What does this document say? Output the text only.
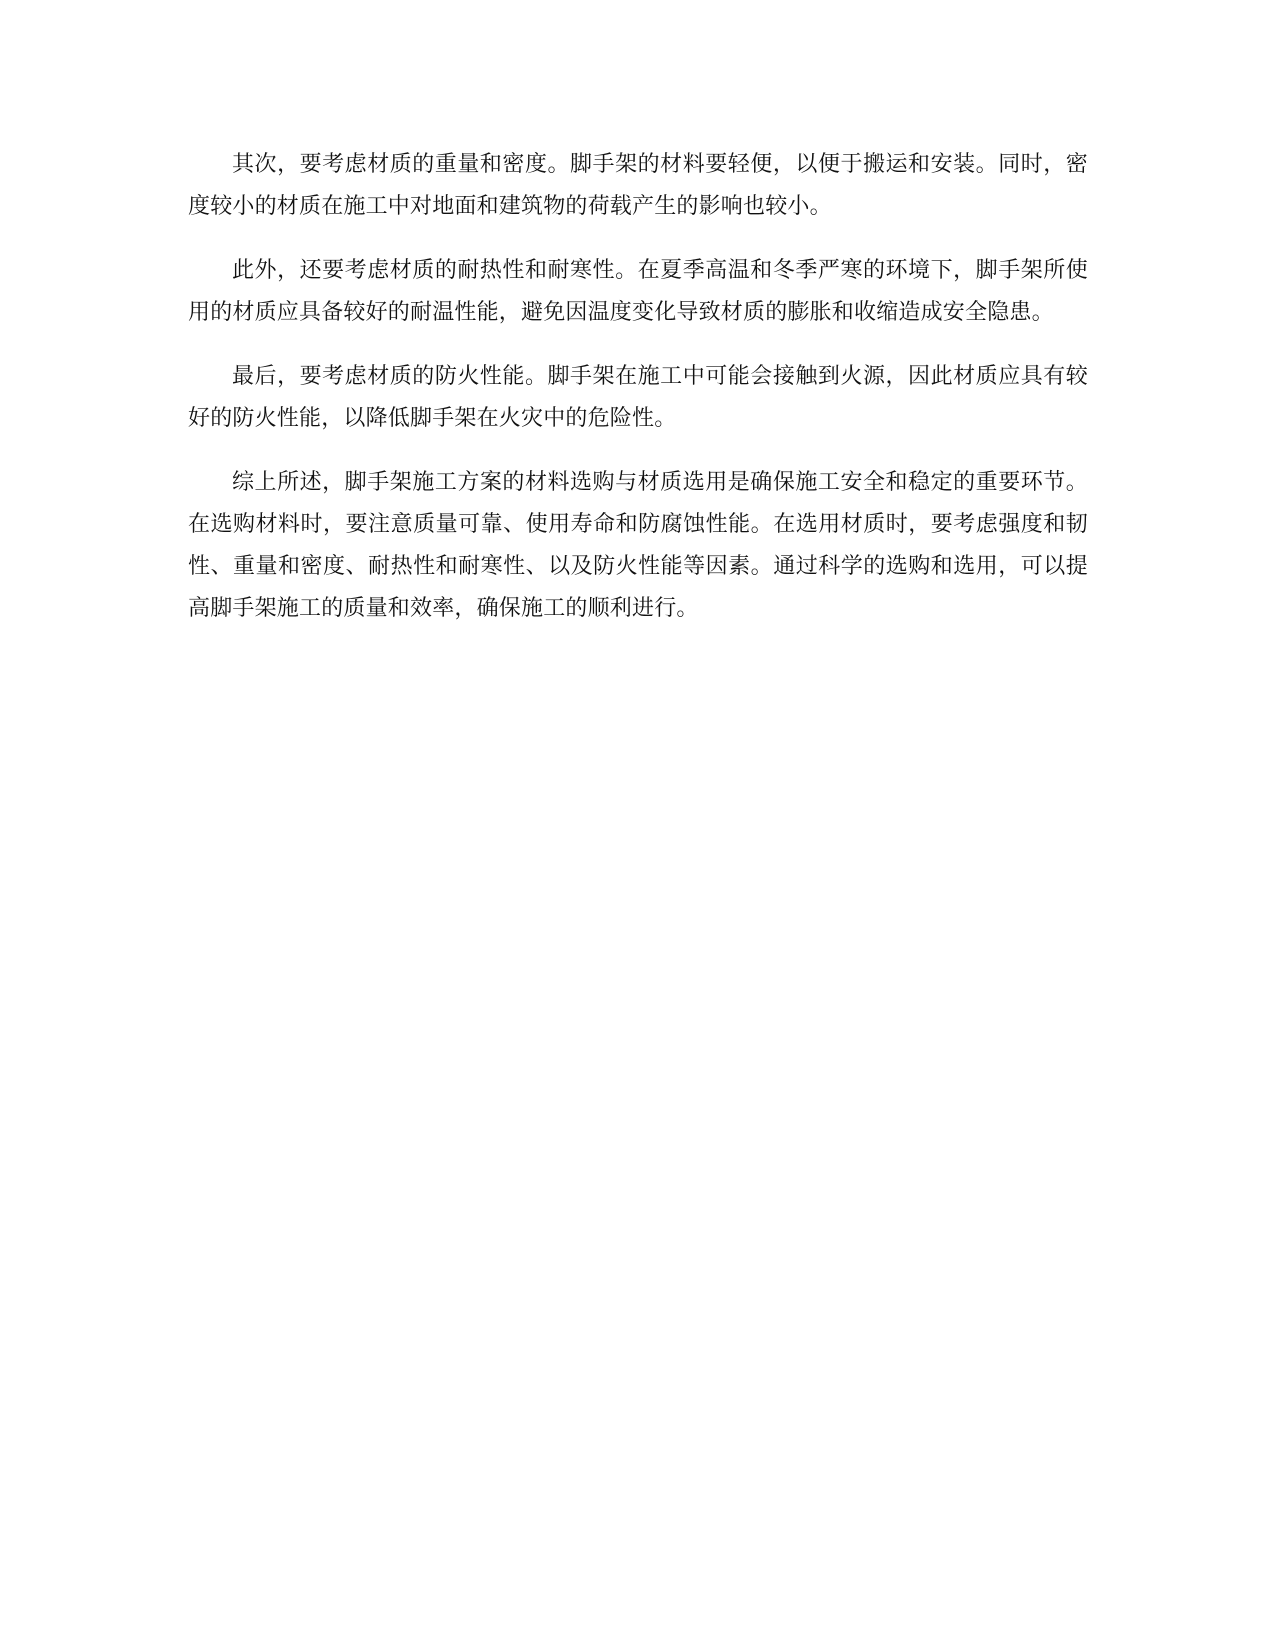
其次，要考虑材质的重量和密度。脚手架的材料要轻便，以便于搬运和安装。同时，密度较小的材质在施工中对地面和建筑物的荷载产生的影响也较小。

此外，还要考虑材质的耐热性和耐寒性。在夏季高温和冬季严寒的环境下，脚手架所使用的材质应具备较好的耐温性能，避免因温度变化导致材质的膨胀和收缩造成安全隐患。

最后，要考虑材质的防火性能。脚手架在施工中可能会接触到火源，因此材质应具有较好的防火性能，以降低脚手架在火灾中的危险性。

综上所述，脚手架施工方案的材料选购与材质选用是确保施工安全和稳定的重要环节。在选购材料时，要注意质量可靠、使用寿命和防腐蚀性能。在选用材质时，要考虑强度和韧性、重量和密度、耐热性和耐寒性、以及防火性能等因素。通过科学的选购和选用，可以提高脚手架施工的质量和效率，确保施工的顺利进行。
